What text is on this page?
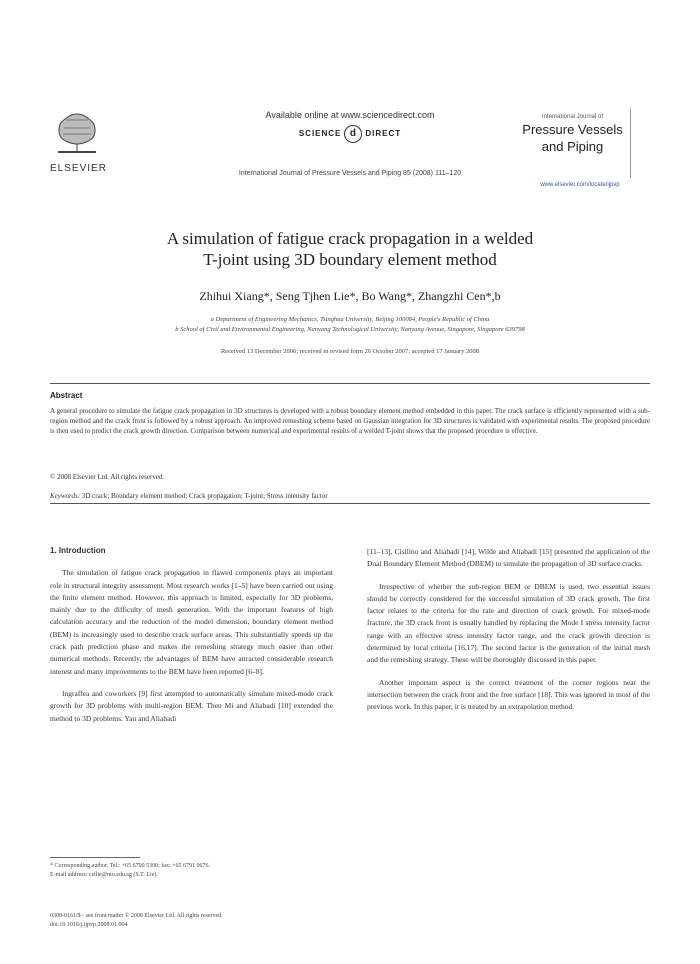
ELSEVIER
Available online at www.sciencedirect.com
SCIENCE d DIRECT
International Journal of Pressure Vessels and Piping 85 (2008) 111–120
International Journal of
Pressure Vessels
and Piping
www.elsevier.com/locate/ijpvp
A simulation of fatigue crack propagation in a welded
T-joint using 3D boundary element method
Zhihui Xiang*, Seng Tjhen Lie*, Bo Wang*, Zhangzhi Cen*,b
a Department of Engineering Mechanics, Tsinghua University, Beijing 100084, People's Republic of China
b School of Civil and Environmental Engineering, Nanyang Technological University, Nanyang Avenue, Singapore, Singapore 639798
Received 13 December 2006; received in revised form 26 October 2007; accepted 17 January 2008
Abstract
A general procedure to simulate the fatigue crack propagation in 3D structures is developed with a robust boundary element method embedded in this paper. The crack surface is efficiently represented with a sub-region method and the crack front is followed by a robust approach. An improved remeshing scheme based on Gaussian integration for 3D structures is validated with experimental results. The proposed procedure is then used to predict the crack growth direction. Comparison between numerical and experimental results of a welded T-joint shows that the proposed procedure is effective.
© 2008 Elsevier Ltd. All rights reserved.
Keywords: 3D crack; Boundary element method; Crack propagation; T-joint; Stress intensity factor
1. Introduction

The simulation of fatigue crack propagation in flawed components plays an important role in structural integrity assessment. Most research works [1–5] have been carried out using the finite element method. However, this approach is limited, especially for 3D problems, mainly due to the difficulty of mesh generation. With the important features of high calculation accuracy and the reduction of the model dimension, boundary element method (BEM) is increasingly used to describe crack surface areas. This substantially speeds up the crack path prediction phase and makes the remeshing strategy much easier than other numerical methods. Recently, the advantages of BEM have attracted considerable research interest and many improvements to the BEM have been reported [6–8].

Ingraffea and coworkers [9] first attempted to automatically simulate mixed-mode crack growth for 3D problems with multi-region BEM. Then Mi and Aliabadi [10] extended the method to 3D problems. Yan and Aliabadi

[11–13], Cisilino and Aliabadi [14], Wilde and Aliabadi [15] presented the application of the Dual Boundary Element Method (DBEM) to simulate the propagation of 3D surface cracks.

Irrespective of whether the sub-region BEM or DBEM is used, two essential issues should be correctly considered for the successful simulation of 3D crack growth. The first factor relates to the criteria for the rate and direction of crack growth. For mixed-mode fracture, the 3D crack front is usually handled by replacing the Mode I stress intensity factor range with an effective stress intensity factor range, and the crack growth direction is determined by local criteria [16,17]. The second factor is the generation of the initial mesh and the remeshing strategy. These will be thoroughly discussed in this paper.

Another important aspect is the correct treatment of the corner regions near the intersection between the crack front and the free surface [18]. This was ignored in most of the previous work. In this paper, it is treated by an extrapolation method.

* Corresponding author. Tel.: +65 6790 5300; fax: +65 6791 0676.
E-mail address: cstlie@ntu.edu.sg (S.T. Lie).
0308-0161/$ - see front matter © 2008 Elsevier Ltd. All rights reserved.
doi:10.1016/j.ijpvp.2008.01.004
